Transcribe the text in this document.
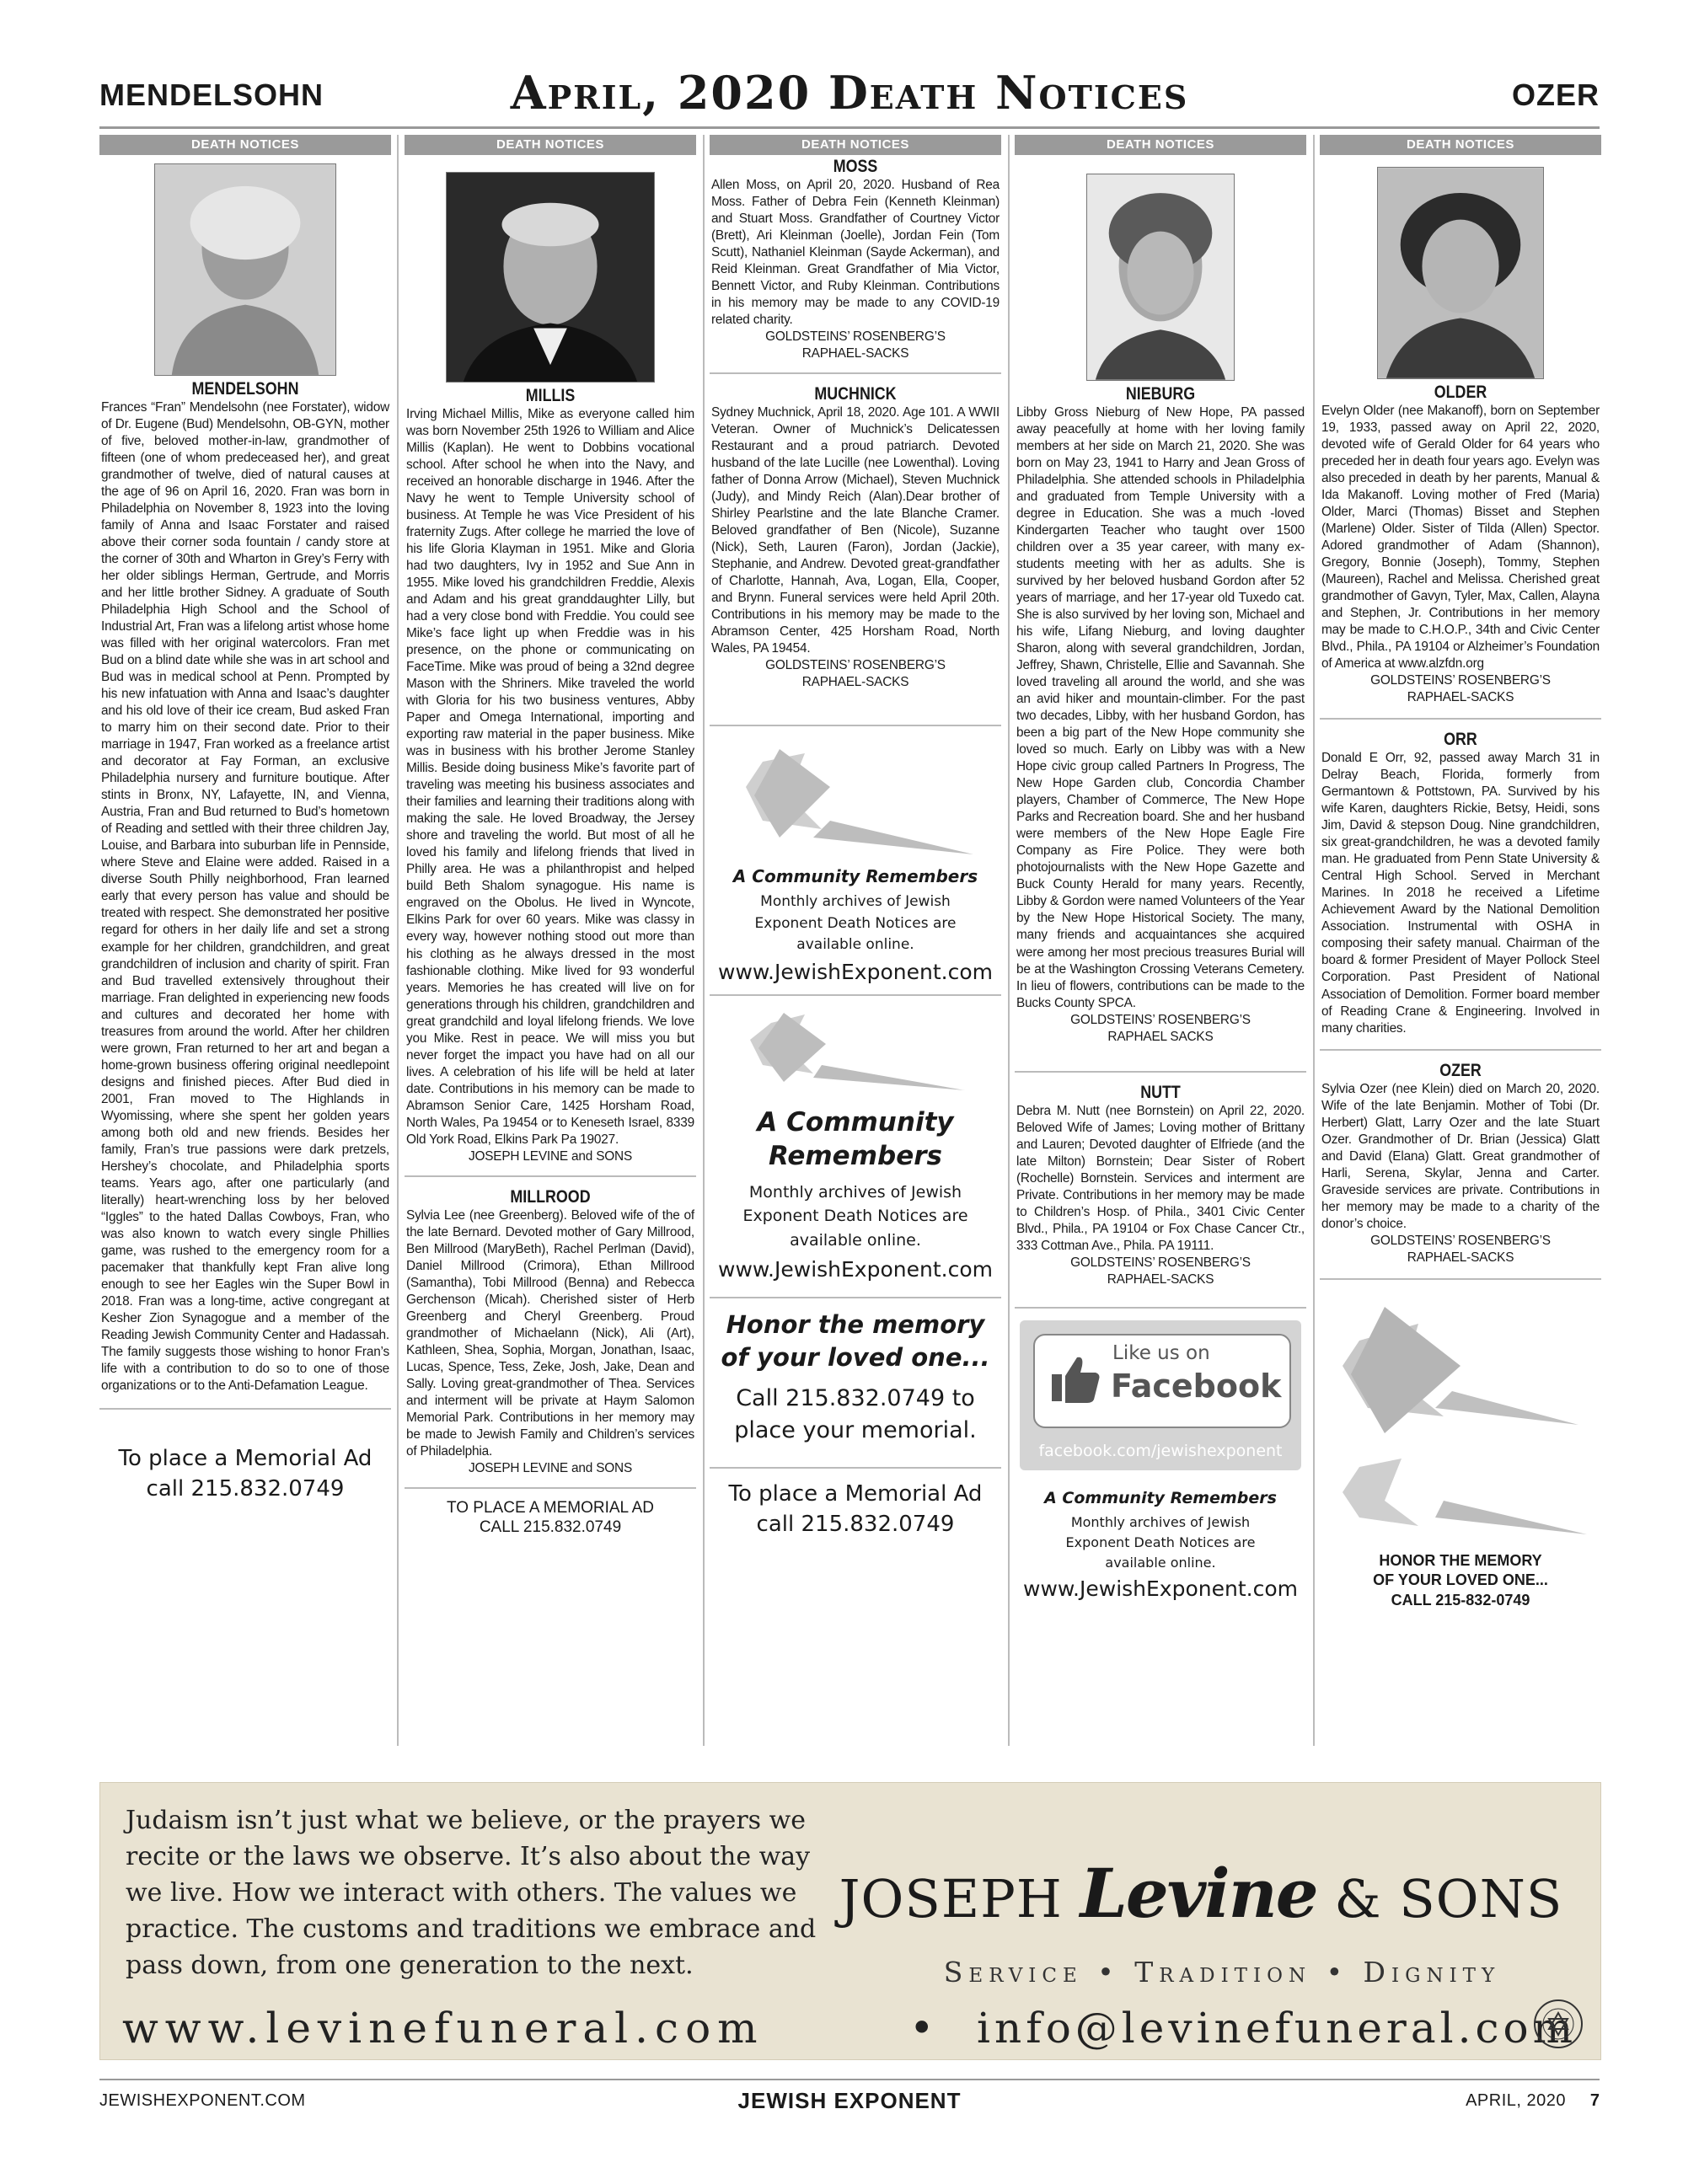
MENDELSOHN	April, 2020 Death Notices	OZER
DEATH NOTICES
MENDELSOHN
Frances “Fran” Mendelsohn (nee Forstater), widow of Dr. Eugene (Bud) Mendelsohn, OB-GYN, mother of five, beloved mother-in-law, grandmother of fifteen (one of whom predeceased her), and great grandmother of twelve, died of natural causes at the age of 96 on April 16, 2020. Fran was born in Philadelphia on November 8, 1923 into the loving family of Anna and Isaac Forstater and raised above their corner soda fountain / candy store at the corner of 30th and Wharton in Grey’s Ferry with her older siblings Herman, Gertrude, and Morris and her little brother Sidney. A graduate of South Philadelphia High School and the School of Industrial Art, Fran was a lifelong artist whose home was filled with her original watercolors. Fran met Bud on a blind date while she was in art school and Bud was in medical school at Penn. Prompted by his new infatuation with Anna and Isaac’s daughter and his old love of their ice cream, Bud asked Fran to marry him on their second date. Prior to their marriage in 1947, Fran worked as a freelance artist and decorator at Fay Forman, an exclusive Philadelphia nursery and furniture boutique. After stints in Bronx, NY, Lafayette, IN, and Vienna, Austria, Fran and Bud returned to Bud’s hometown of Reading and settled with their three children Jay, Louise, and Barbara into suburban life in Pennside, where Steve and Elaine were added. Raised in a diverse South Philly neighborhood, Fran learned early that every person has value and should be treated with respect. She demonstrated her positive regard for others in her daily life and set a strong example for her children, grandchildren, and great grandchildren of inclusion and charity of spirit. Fran and Bud travelled extensively throughout their marriage. Fran delighted in experiencing new foods and cultures and decorated her home with treasures from around the world. After her children were grown, Fran returned to her art and began a home-grown business offering original needlepoint designs and finished pieces. After Bud died in 2001, Fran moved to The Highlands in Wyomissing, where she spent her golden years among both old and new friends. Besides her family, Fran’s true passions were dark pretzels, Hershey’s chocolate, and Philadelphia sports teams. Years ago, after one particularly (and literally) heart-wrenching loss by her beloved “Iggles” to the hated Dallas Cowboys, Fran, who was also known to watch every single Phillies game, was rushed to the emergency room for a pacemaker that thankfully kept Fran alive long enough to see her Eagles win the Super Bowl in 2018. Fran was a long-time, active congregant at Kesher Zion Synagogue and a member of the Reading Jewish Community Center and Hadassah. The family suggests those wishing to honor Fran’s life with a contribution to do so to one of those organizations or to the Anti-Defamation League.
To place a Memorial Ad call 215.832.0749
DEATH NOTICES
MILLIS
Irving Michael Millis, Mike as everyone called him was born November 25th 1926 to William and Alice Millis (Kaplan). He went to Dobbins vocational school. After school he when into the Navy, and received an honorable discharge in 1946. After the Navy he went to Temple University school of business. At Temple he was Vice President of his fraternity Zugs. After college he married the love of his life Gloria Klayman in 1951. Mike and Gloria had two daughters, Ivy in 1952 and Sue Ann in 1955. Mike loved his grandchildren Freddie, Alexis and Adam and his great granddaughter Lilly, but had a very close bond with Freddie. You could see Mike’s face light up when Freddie was in his presence, on the phone or communicating on FaceTime. Mike was proud of being a 32nd degree Mason with the Shriners. Mike traveled the world with Gloria for his two business ventures, Abby Paper and Omega International, importing and exporting raw material in the paper business. Mike was in business with his brother Jerome Stanley Millis. Beside doing business Mike’s favorite part of traveling was meeting his business associates and their families and learning their traditions along with making the sale. He loved Broadway, the Jersey shore and traveling the world. But most of all he loved his family and lifelong friends that lived in Philly area. He was a philanthropist and helped build Beth Shalom synagogue. His name is engraved on the Obolus. He lived in Wyncote, Elkins Park for over 60 years. Mike was classy in every way, however nothing stood out more than his clothing as he always dressed in the most fashionable clothing. Mike lived for 93 wonderful years. Memories he has created will live on for generations through his children, grandchildren and great grandchild and loyal lifelong friends. We love you Mike. Rest in peace. We will miss you but never forget the impact you have had on all our lives. A celebration of his life will be held at later date. Contributions in his memory can be made to Abramson Senior Care, 1425 Horsham Road, North Wales, Pa 19454 or to Keneseth Israel, 8339 Old York Road, Elkins Park Pa 19027.
JOSEPH LEVINE and SONS
MILLROOD
Sylvia Lee (nee Greenberg). Beloved wife of the of the late Bernard. Devoted mother of Gary Millrood, Ben Millrood (MaryBeth), Rachel Perlman (David), Daniel Millrood (Crimora), Ethan Millrood (Samantha), Tobi Millrood (Benna) and Rebecca Gerchenson (Micah). Cherished sister of Herb Greenberg and Cheryl Greenberg. Proud grandmother of Michaelann (Nick), Ali (Art), Kathleen, Shea, Sophia, Morgan, Jonathan, Isaac, Lucas, Spence, Tess, Zeke, Josh, Jake, Dean and Sally. Loving great-grandmother of Thea. Services and interment will be private at Haym Salomon Memorial Park. Contributions in her memory may be made to Jewish Family and Children’s services of Philadelphia.
JOSEPH LEVINE and SONS
TO PLACE A MEMORIAL AD
CALL 215.832.0749
DEATH NOTICES
MOSS
Allen Moss, on April 20, 2020. Husband of Rea Moss. Father of Debra Fein (Kenneth Kleinman) and Stuart Moss. Grandfather of Courtney Victor (Brett), Ari Kleinman (Joelle), Jordan Fein (Tom Scutt), Nathaniel Kleinman (Sayde Ackerman), and Reid Kleinman. Great Grandfather of Mia Victor, Bennett Victor, and Ruby Kleinman. Contributions in his memory may be made to any COVID-19 related charity.
GOLDSTEINS’ ROSENBERG’S
RAPHAEL-SACKS
MUCHNICK
Sydney Muchnick, April 18, 2020. Age 101. A WWII Veteran. Owner of Muchnick’s Delicatessen Restaurant and a proud patriarch. Devoted husband of the late Lucille (nee Lowenthal). Loving father of Donna Arrow (Michael), Steven Muchnick (Judy), and Mindy Reich (Alan).Dear brother of Shirley Pearlstine and the late Blanche Cramer. Beloved grandfather of Ben (Nicole), Suzanne (Nick), Seth, Lauren (Faron), Jordan (Jackie), Stephanie, and Andrew. Devoted great-grandfather of Charlotte, Hannah, Ava, Logan, Ella, Cooper, and Brynn. Funeral services were held April 20th. Contributions in his memory may be made to the Abramson Center, 425 Horsham Road, North Wales, PA 19454.
GOLDSTEINS’ ROSENBERG’S
RAPHAEL-SACKS
A Community Remembers
Monthly archives of Jewish Exponent Death Notices are available online.
www.JewishExponent.com
A Community Remembers
Monthly archives of Jewish Exponent Death Notices are available online.
www.JewishExponent.com
Honor the memory of your loved one...
Call 215.832.0749 to place your memorial.
To place a Memorial Ad call 215.832.0749
DEATH NOTICES
NIEBURG
Libby Gross Nieburg of New Hope, PA passed away peacefully at home with her loving family members at her side on March 21, 2020. She was born on May 23, 1941 to Harry and Jean Gross of Philadelphia. She attended schools in Philadelphia and graduated from Temple University with a degree in Education. She was a much -loved Kindergarten Teacher who taught over 1500 children over a 35 year career, with many ex-students meeting with her as adults. She is survived by her beloved husband Gordon after 52 years of marriage, and her 17-year old Tuxedo cat. She is also survived by her loving son, Michael and his wife, Lifang Nieburg, and loving daughter Sharon, along with several grandchildren, Jordan, Jeffrey, Shawn, Christelle, Ellie and Savannah. She loved traveling all around the world, and she was an avid hiker and mountain-climber. For the past two decades, Libby, with her husband Gordon, has been a big part of the New Hope community she loved so much. Early on Libby was with a New Hope civic group called Partners In Progress, The New Hope Garden club, Concordia Chamber players, Chamber of Commerce, The New Hope Parks and Recreation board. She and her husband were members of the New Hope Eagle Fire Company as Fire Police. They were both photojournalists with the New Hope Gazette and Buck County Herald for many years. Recently, Libby & Gordon were named Volunteers of the Year by the New Hope Historical Society. The many, many friends and acquaintances she acquired were among her most precious treasures Burial will be at the Washington Crossing Veterans Cemetery. In lieu of flowers, contributions can be made to the Bucks County SPCA.
GOLDSTEINS’ ROSENBERG’S
RAPHAEL SACKS
NUTT
Debra M. Nutt (nee Bornstein) on April 22, 2020. Beloved Wife of James; Loving mother of Brittany and Lauren; Devoted daughter of Elfriede (and the late Milton) Bornstein; Dear Sister of Robert (Rochelle) Bornstein. Services and interment are Private. Contributions in her memory may be made to Children’s Hosp. of Phila., 3401 Civic Center Blvd., Phila., PA 19104 or Fox Chase Cancer Ctr., 333 Cottman Ave., Phila. PA 19111.
GOLDSTEINS’ ROSENBERG’S
RAPHAEL-SACKS
Like us on
Facebook
facebook.com/jewishexponent
A Community Remembers
Monthly archives of Jewish Exponent Death Notices are available online.
www.JewishExponent.com
DEATH NOTICES
OLDER
Evelyn Older (nee Makanoff), born on September 19, 1933, passed away on April 22, 2020, devoted wife of Gerald Older for 64 years who preceded her in death four years ago. Evelyn was also preceded in death by her parents, Manual & Ida Makanoff. Loving mother of Fred (Maria) Older, Marci (Thomas) Bisset and Stephen (Marlene) Older. Sister of Tilda (Allen) Spector. Adored grandmother of Adam (Shannon), Gregory, Bonnie (Joseph), Tommy, Stephen (Maureen), Rachel and Melissa. Cherished great grandmother of Gavyn, Tyler, Max, Callen, Alayna and Stephen, Jr. Contributions in her memory may be made to C.H.O.P., 34th and Civic Center Blvd., Phila., PA 19104 or Alzheimer’s Foundation of America at www.alzfdn.org
GOLDSTEINS’ ROSENBERG’S
RAPHAEL-SACKS
ORR
Donald E Orr, 92, passed away March 31 in Delray Beach, Florida, formerly from Germantown & Pottstown, PA. Survived by his wife Karen, daughters Rickie, Betsy, Heidi, sons Jim, David & stepson Doug. Nine grandchildren, six great-grandchildren, he was a devoted family man. He graduated from Penn State University & Central High School. Served in Merchant Marines. In 2018 he received a Lifetime Achievement Award by the National Demolition Association. Instrumental with OSHA in composing their safety manual. Chairman of the board & former President of Mayer Pollock Steel Corporation. Past President of National Association of Demolition. Former board member of Reading Crane & Engineering. Involved in many charities.
OZER
Sylvia Ozer (nee Klein) died on March 20, 2020. Wife of the late Benjamin. Mother of Tobi (Dr. Herbert) Glatt, Larry Ozer and the late Stuart Ozer. Grandmother of Dr. Brian (Jessica) Glatt and David (Elana) Glatt. Great grandmother of Harli, Serena, Skylar, Jenna and Carter. Graveside services are private. Contributions in her memory may be made to a charity of the donor’s choice.
GOLDSTEINS’ ROSENBERG’S
RAPHAEL-SACKS
HONOR THE MEMORY
OF YOUR LOVED ONE...
CALL 215-832-0749
Judaism isn’t just what we believe, or the prayers we recite or the laws we observe. It’s also about the way we live. How we interact with others. The values we practice. The customs and traditions we embrace and pass down, from one generation to the next.
JOSEPH Levine & SONS
Service • Tradition • Dignity
www.levinefuneral.com	• info@levinefuneral.com
JEWISHEXPONENT.COM	JEWISH EXPONENT	APRIL, 2020 7
